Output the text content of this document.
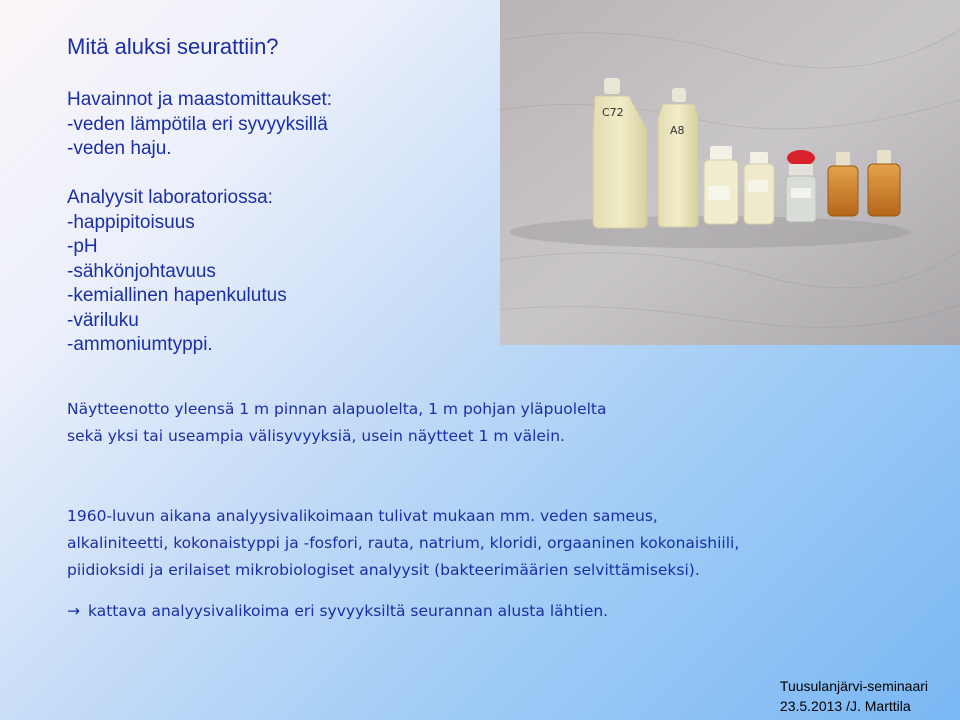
Mitä aluksi seurattiin?
Havainnot ja maastomittaukset:
-veden lämpötila eri syvyyksillä
-veden haju.
Analyysit laboratoriossa:
-happipitoisuus
-pH
-sähkönjohtavuus
-kemiallinen hapenkulutus
-väriluku
-ammoniumtyppi.
C72
A8
Näytteenotto yleensä 1 m pinnan alapuolelta, 1 m pohjan yläpuolelta
sekä yksi tai useampia välisyvyyksiä, usein näytteet 1 m välein.
1960-luvun aikana analyysivalikoimaan tulivat mukaan mm. veden sameus,
alkaliniteetti, kokonaistyppi ja -fosfori, rauta, natrium, kloridi, orgaaninen kokonaishiili,
piidioksidi ja erilaiset mikrobiologiset analyysit (bakteerimäärien selvittämiseksi).
→ kattava analyysivalikoima eri syvyyksiltä seurannan alusta lähtien.
Tuusulanjärvi-seminaari
23.5.2013 /J. Marttila
